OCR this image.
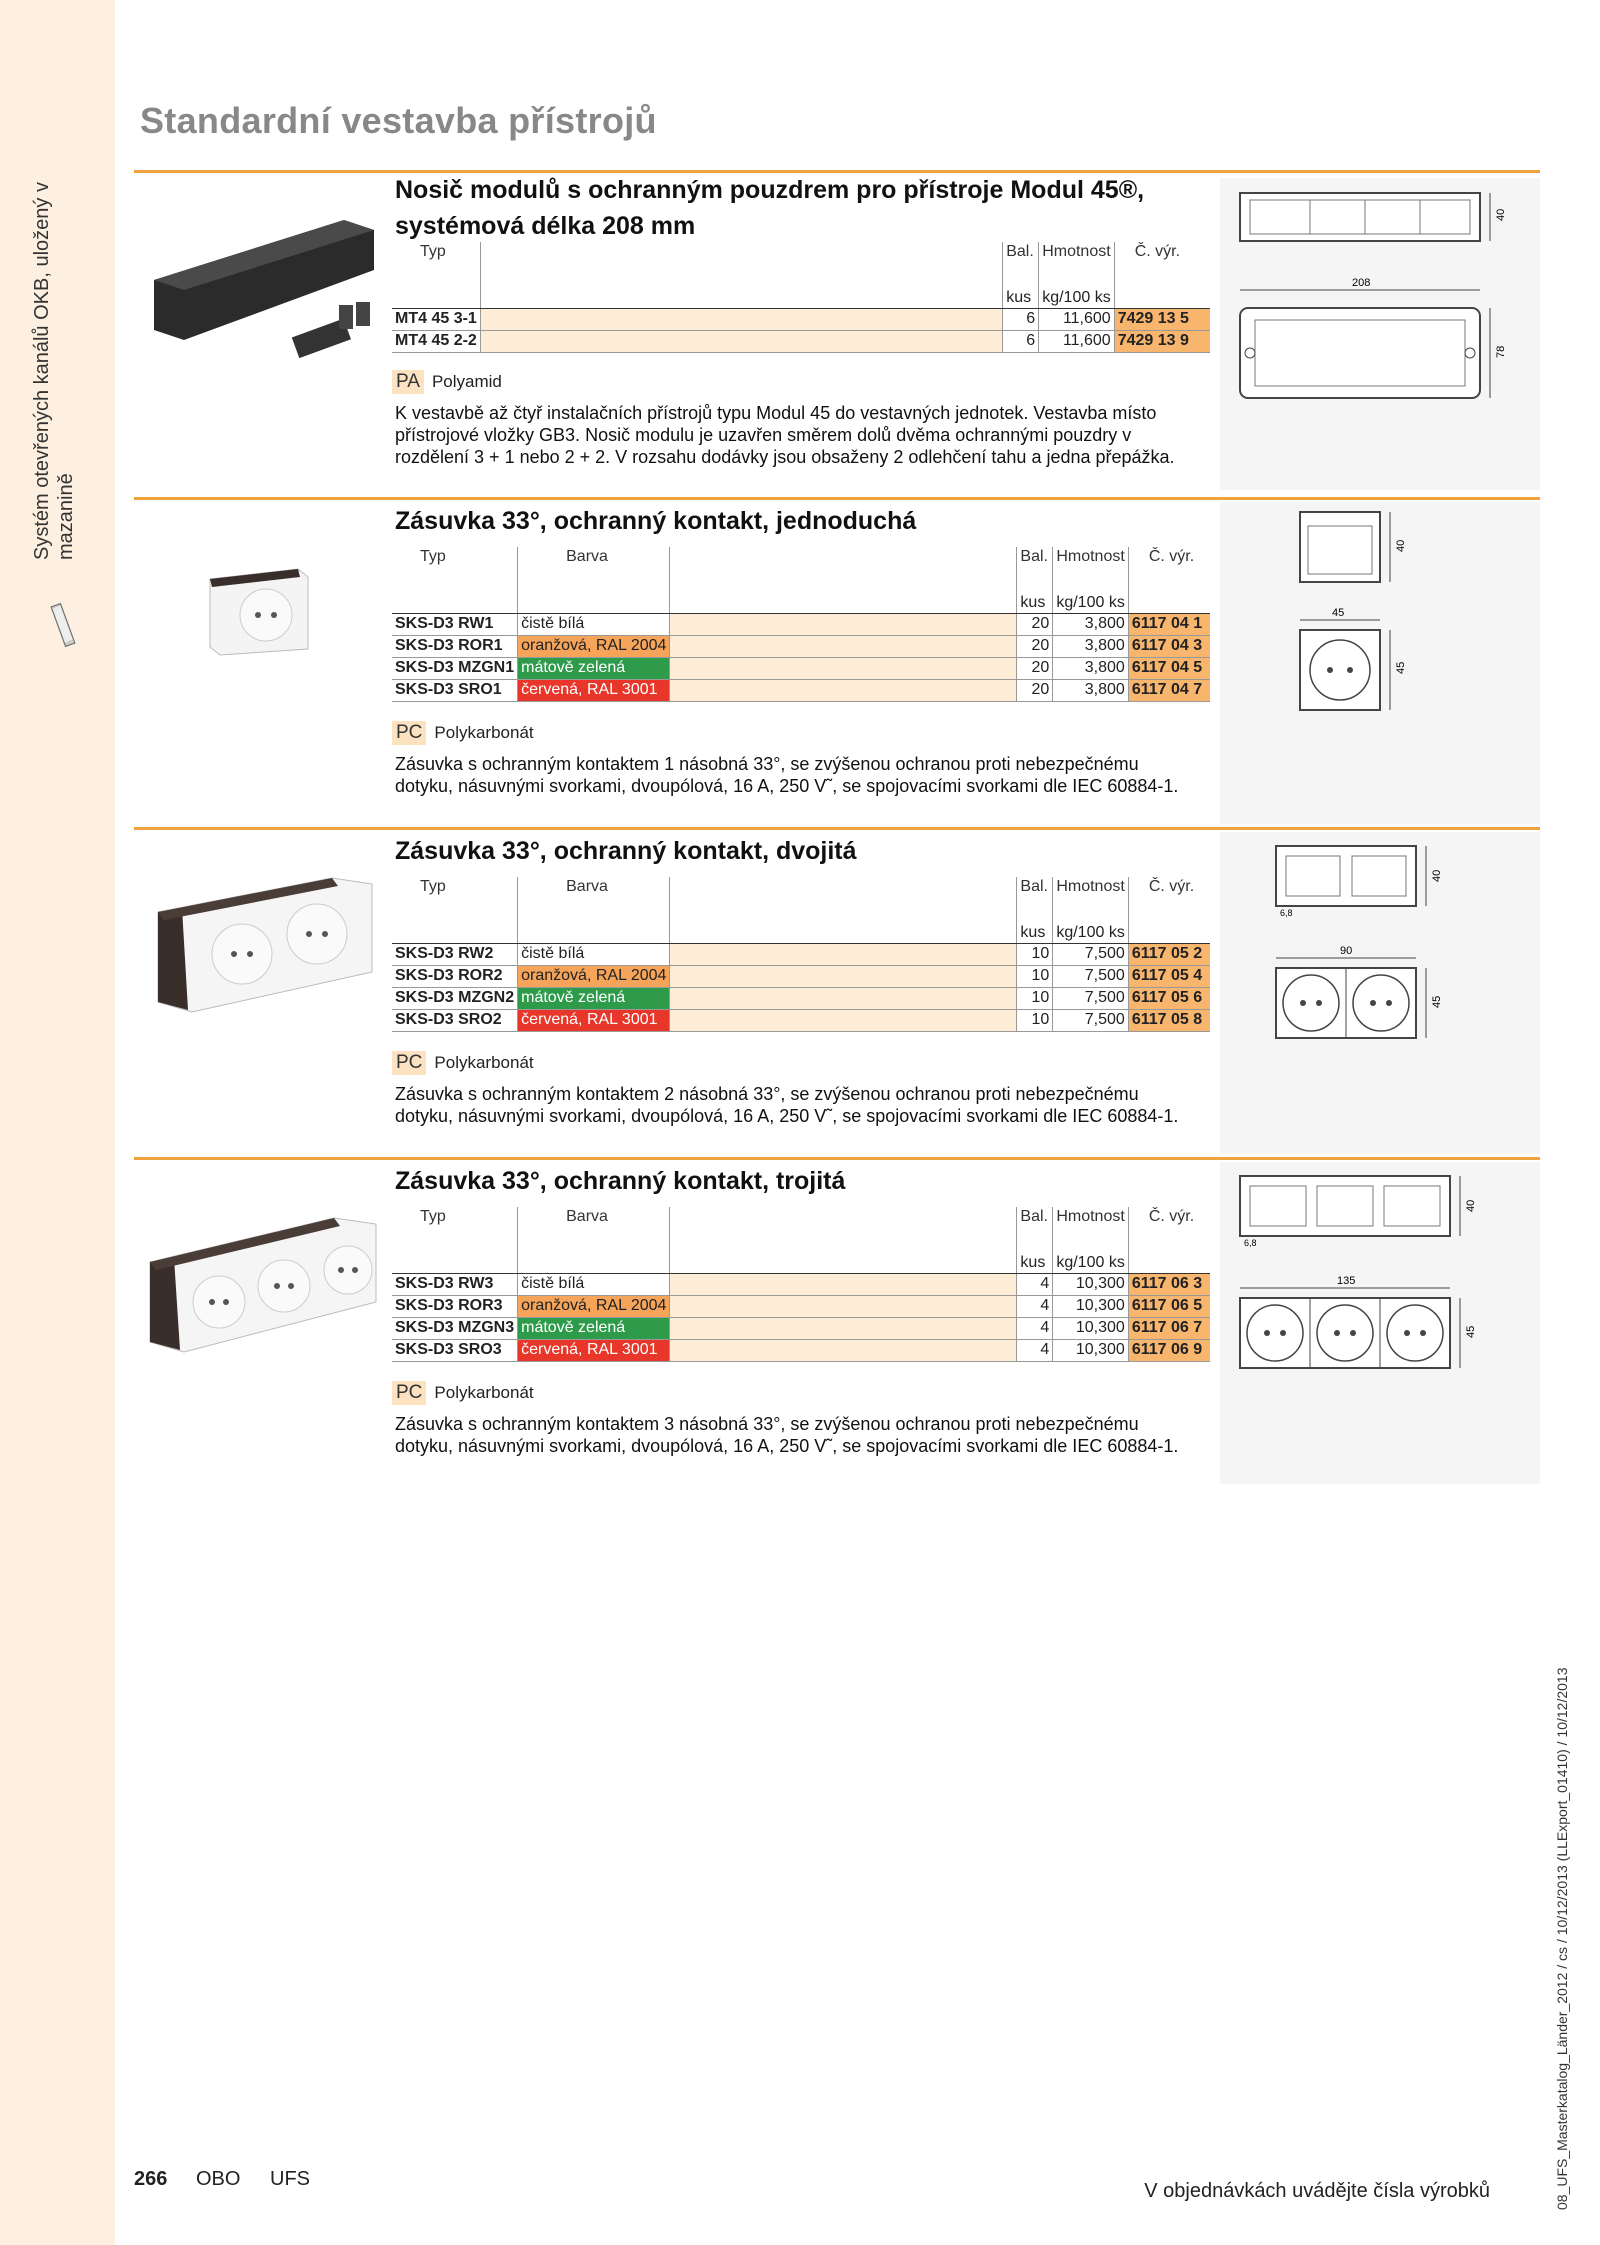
Systém otevřených kanálů OKB, uložený v mazanině
Standardní vestavba přístrojů
Nosič modulů s ochranným pouzdrem pro přístroje Modul 45®,
systémová délka 208 mm
Typ		Bal.	Hmotnost	Č. výr.

		kus	kg/100 ks	
MT4 45 3-1		6	11,600	7429 13 5
MT4 45 2-2		6	11,600	7429 13 9
PA Polyamid
K vestavbě až čtyř instalačních přístrojů typu Modul 45 do vestavných jednotek. Vestavba místo přístrojové vložky GB3. Nosič modulu je uzavřen směrem dolů dvěma ochrannými pouzdry v rozdělení 3 + 1 nebo 2 + 2. V rozsahu dodávky jsou obsaženy 2 odlehčení tahu a jedna přepážka.
40
208
78
Zásuvka 33°, ochranný kontakt, jednoduchá
Typ	Barva		Bal.	Hmotnost	Č. výr.

			kus	kg/100 ks	
SKS-D3 RW1	čistě bílá		20	3,800	6117 04 1
SKS-D3 ROR1	oranžová, RAL 2004		20	3,800	6117 04 3
SKS-D3 MZGN1	mátově zelená		20	3,800	6117 04 5
SKS-D3 SRO1	červená, RAL 3001		20	3,800	6117 04 7
PC Polykarbonát
Zásuvka s ochranným kontaktem 1 násobná 33°, se zvýšenou ochranou proti nebezpečnému dotyku, násuvnými svorkami, dvoupólová, 16 A, 250 V˜, se spojovacími svorkami dle IEC 60884-1.
40
45
45
Zásuvka 33°, ochranný kontakt, dvojitá
Typ	Barva		Bal.	Hmotnost	Č. výr.

			kus	kg/100 ks	
SKS-D3 RW2	čistě bílá		10	7,500	6117 05 2
SKS-D3 ROR2	oranžová, RAL 2004		10	7,500	6117 05 4
SKS-D3 MZGN2	mátově zelená		10	7,500	6117 05 6
SKS-D3 SRO2	červená, RAL 3001		10	7,500	6117 05 8
PC Polykarbonát
Zásuvka s ochranným kontaktem 2 násobná 33°, se zvýšenou ochranou proti nebezpečnému dotyku, násuvnými svorkami, dvoupólová, 16 A, 250 V˜, se spojovacími svorkami dle IEC 60884-1.
6,8
40
90
45
Zásuvka 33°, ochranný kontakt, trojitá
Typ	Barva		Bal.	Hmotnost	Č. výr.

			kus	kg/100 ks	
SKS-D3 RW3	čistě bílá		4	10,300	6117 06 3
SKS-D3 ROR3	oranžová, RAL 2004		4	10,300	6117 06 5
SKS-D3 MZGN3	mátově zelená		4	10,300	6117 06 7
SKS-D3 SRO3	červená, RAL 3001		4	10,300	6117 06 9
PC Polykarbonát
Zásuvka s ochranným kontaktem 3 násobná 33°, se zvýšenou ochranou proti nebezpečnému dotyku, násuvnými svorkami, dvoupólová, 16 A, 250 V˜, se spojovacími svorkami dle IEC 60884-1.
6,8
40
135
45
08_UFS_Masterkatalog_Länder_2012 / cs / 10/12/2013 (LLExport_01410) / 10/12/2013
266 OBO UFS
V objednávkách uvádějte čísla výrobků
